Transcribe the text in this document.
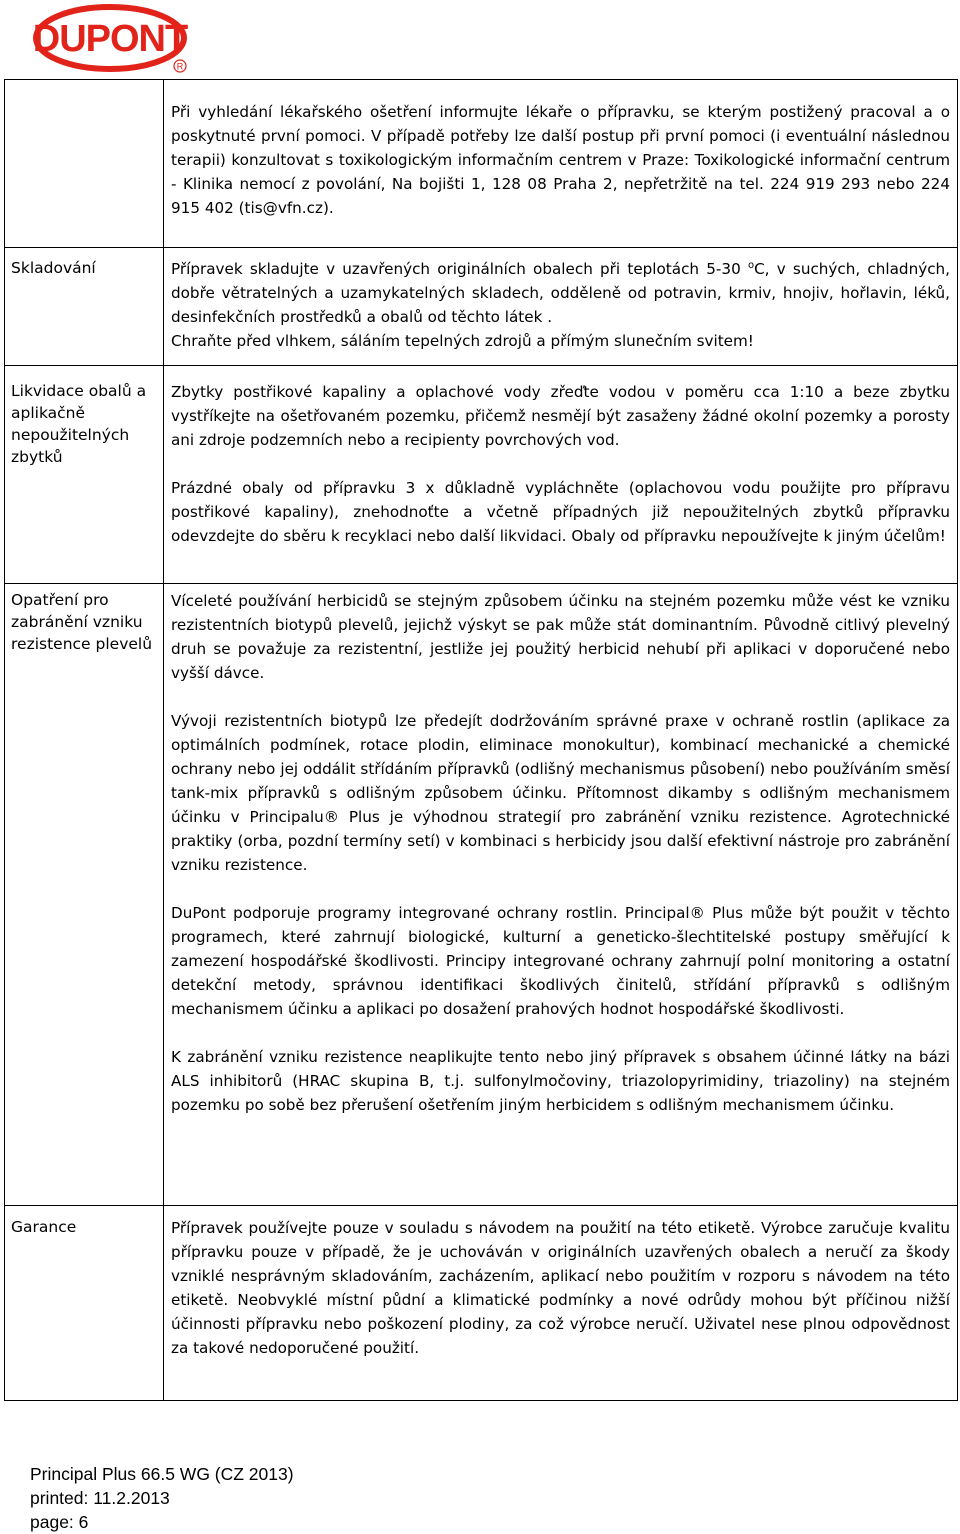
DUPONT
R

	Při vyhledání lékařského ošetření informujte lékaře o přípravku, se kterým postižený pracoval a o poskytnuté první pomoci. V případě potřeby lze další postup při první pomoci (i eventuální následnou terapii) konzultovat s toxikologickým informačním centrem v Praze: Toxikologické informační centrum - Klinika nemocí z povolání, Na bojišti 1, 128 08 Praha 2, nepřetržitě na tel. 224 919 293 nebo 224 915 402 (tis@vfn.cz).

Skladování	Přípravek skladujte v uzavřených originálních obalech při teplotách 5-30 $^o$C, v suchých, chladných, dobře větratelných a uzamykatelných skladech, odděleně od potravin, krmiv, hnojiv, hořlavin, léků, desinfekčních prostředků a obalů od těchto látek .

Chraňte před vlhkem, sáláním tepelných zdrojů a přímým slunečním svitem!

Likvidace obalů a aplikačně nepoužitelných zbytků	Zbytky postřikové kapaliny a oplachové vody zřeďte vodou v poměru cca 1:10 a beze zbytku vystříkejte na ošetřovaném pozemku, přičemž nesmějí být zasaženy žádné okolní pozemky a porosty ani zdroje podzemních nebo a recipienty povrchových vod.

Prázdné obaly od přípravku 3 x důkladně vypláchněte (oplachovou vodu použijte pro přípravu postřikové kapaliny), znehodnoťte a včetně případných již nepoužitelných zbytků přípravku odevzdejte do sběru k recyklaci nebo další likvidaci. Obaly od přípravku nepoužívejte k jiným účelům!

Opatření pro zabránění vzniku rezistence plevelů	Víceleté používání herbicidů se stejným způsobem účinku na stejném pozemku může vést ke vzniku rezistentních biotypů plevelů, jejichž výskyt se pak může stát dominantním. Původně citlivý plevelný druh se považuje za rezistentní, jestliže jej použitý herbicid nehubí při aplikaci v doporučené nebo vyšší dávce.

Vývoji rezistentních biotypů lze předejít dodržováním správné praxe v ochraně rostlin (aplikace za optimálních podmínek, rotace plodin, eliminace monokultur), kombinací mechanické a chemické ochrany nebo jej oddálit střídáním přípravků (odlišný mechanismus působení) nebo používáním směsí tank-mix přípravků s odlišným způsobem účinku. Přítomnost dikamby s odlišným mechanismem účinku v Principalu® Plus je výhodnou strategií pro zabránění vzniku rezistence. Agrotechnické praktiky (orba, pozdní termíny setí) v kombinaci s herbicidy jsou další efektivní nástroje pro zabránění vzniku rezistence.

DuPont podporuje programy integrované ochrany rostlin. Principal® Plus může být použit v těchto programech, které zahrnují biologické, kulturní a geneticko-šlechtitelské postupy směřující k zamezení hospodářské škodlivosti. Principy integrované ochrany zahrnují polní monitoring a ostatní detekční metody, správnou identifikaci škodlivých činitelů, střídání přípravků s odlišným mechanismem účinku a aplikaci po dosažení prahových hodnot hospodářské škodlivosti.

K zabránění vzniku rezistence neaplikujte tento nebo jiný přípravek s obsahem účinné látky na bázi ALS inhibitorů (HRAC skupina B, t.j. sulfonylmočoviny, triazolopyrimidiny, triazoliny) na stejném pozemku po sobě bez přerušení ošetřením jiným herbicidem s odlišným mechanismem účinku.

Garance	Přípravek používejte pouze v souladu s návodem na použití na této etiketě. Výrobce zaručuje kvalitu přípravku pouze v případě, že je uchováván v originálních uzavřených obalech a neručí za škody vzniklé nesprávným skladováním, zacházením, aplikací nebo použitím v rozporu s návodem na této etiketě. Neobvyklé místní půdní a klimatické podmínky a nové odrůdy mohou být příčinou nižší účinnosti přípravku nebo poškození plodiny, za což výrobce neručí. Uživatel nese plnou odpovědnost za takové nedoporučené použití.

Principal Plus 66.5 WG (CZ 2013)
printed: 11.2.2013
page: 6
